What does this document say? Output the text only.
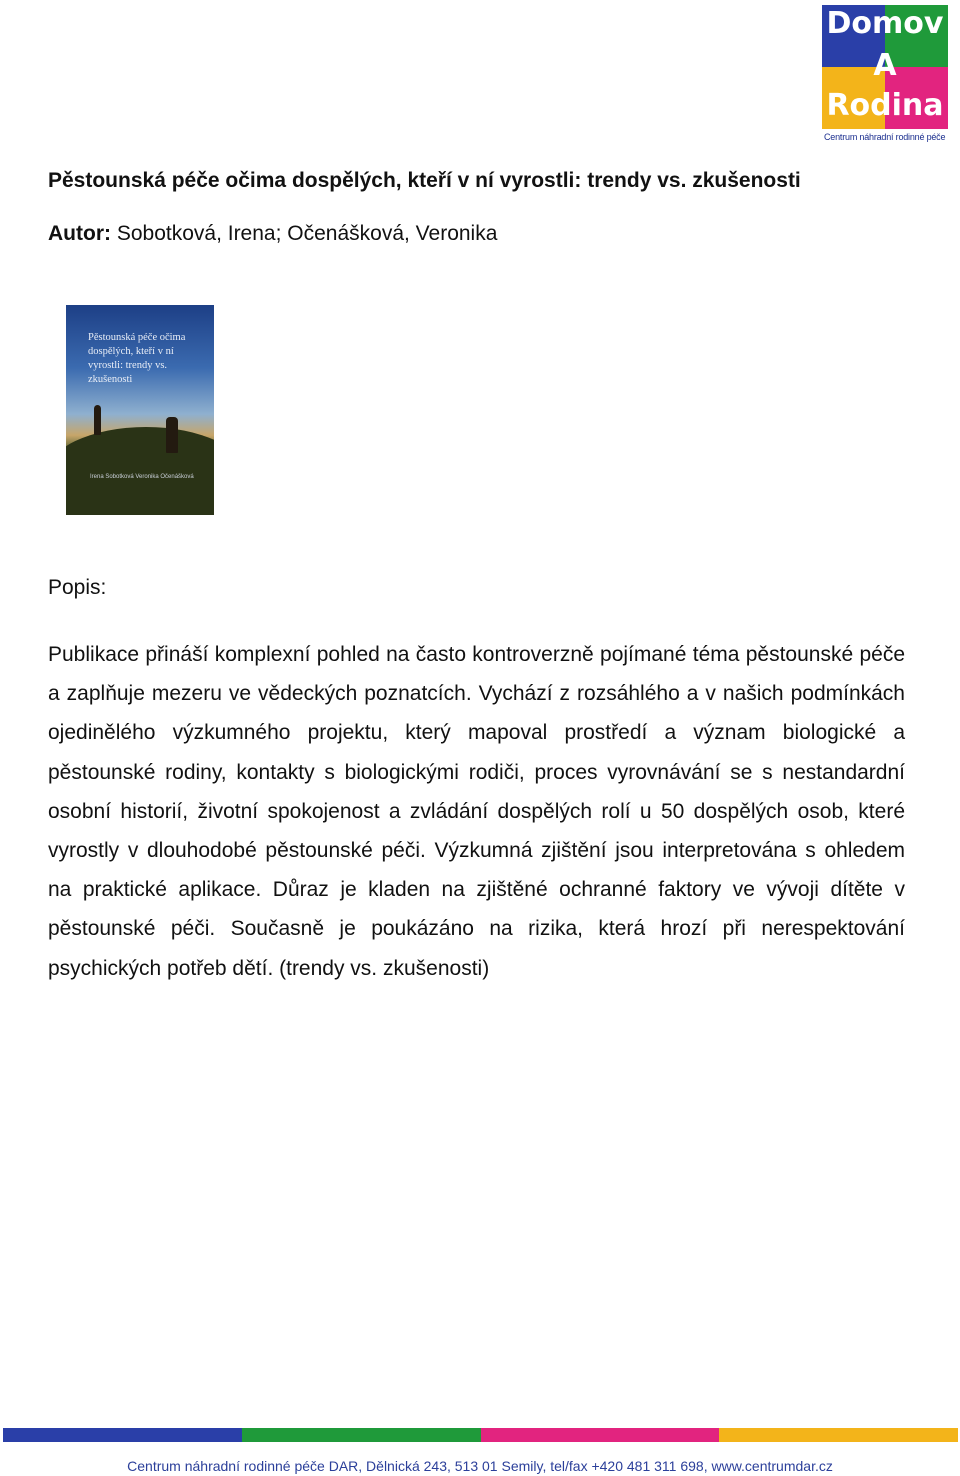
Domov
A
Rodina
Centrum náhradní rodinné péče
Pěstounská péče očima dospělých, kteří v ní vyrostli: trendy vs. zkušenosti
Autor: Sobotková, Irena; Očenášková, Veronika
Pěstounská péče očima dospělých, kteří v ní vyrostli: trendy vs. zkušenosti
Irena Sobotková Veronika Očenášková
Popis:

Publikace přináší komplexní pohled na často kontroverzně pojímané téma pěstounské péče a zaplňuje mezeru ve vědeckých poznatcích. Vychází z rozsáhlého a v našich podmínkách ojedinělého výzkumného projektu, který mapoval prostředí a význam biologické a pěstounské rodiny, kontakty s biologickými rodiči, proces vyrovnávání se s nestandardní osobní historií, životní spokojenost a zvládání dospělých rolí u 50 dospělých osob, které vyrostly v dlouhodobé pěstounské péči. Výzkumná zjištění jsou interpretována s ohledem na praktické aplikace. Důraz je kladen na zjištěné ochranné faktory ve vývoji dítěte v pěstounské péči. Současně je poukázáno na rizika, která hrozí při nerespektování psychických potřeb dětí. (trendy vs. zkušenosti)

Centrum náhradní rodinné péče DAR, Dělnická 243, 513 01 Semily, tel/fax +420 481 311 698, www.centrumdar.cz
